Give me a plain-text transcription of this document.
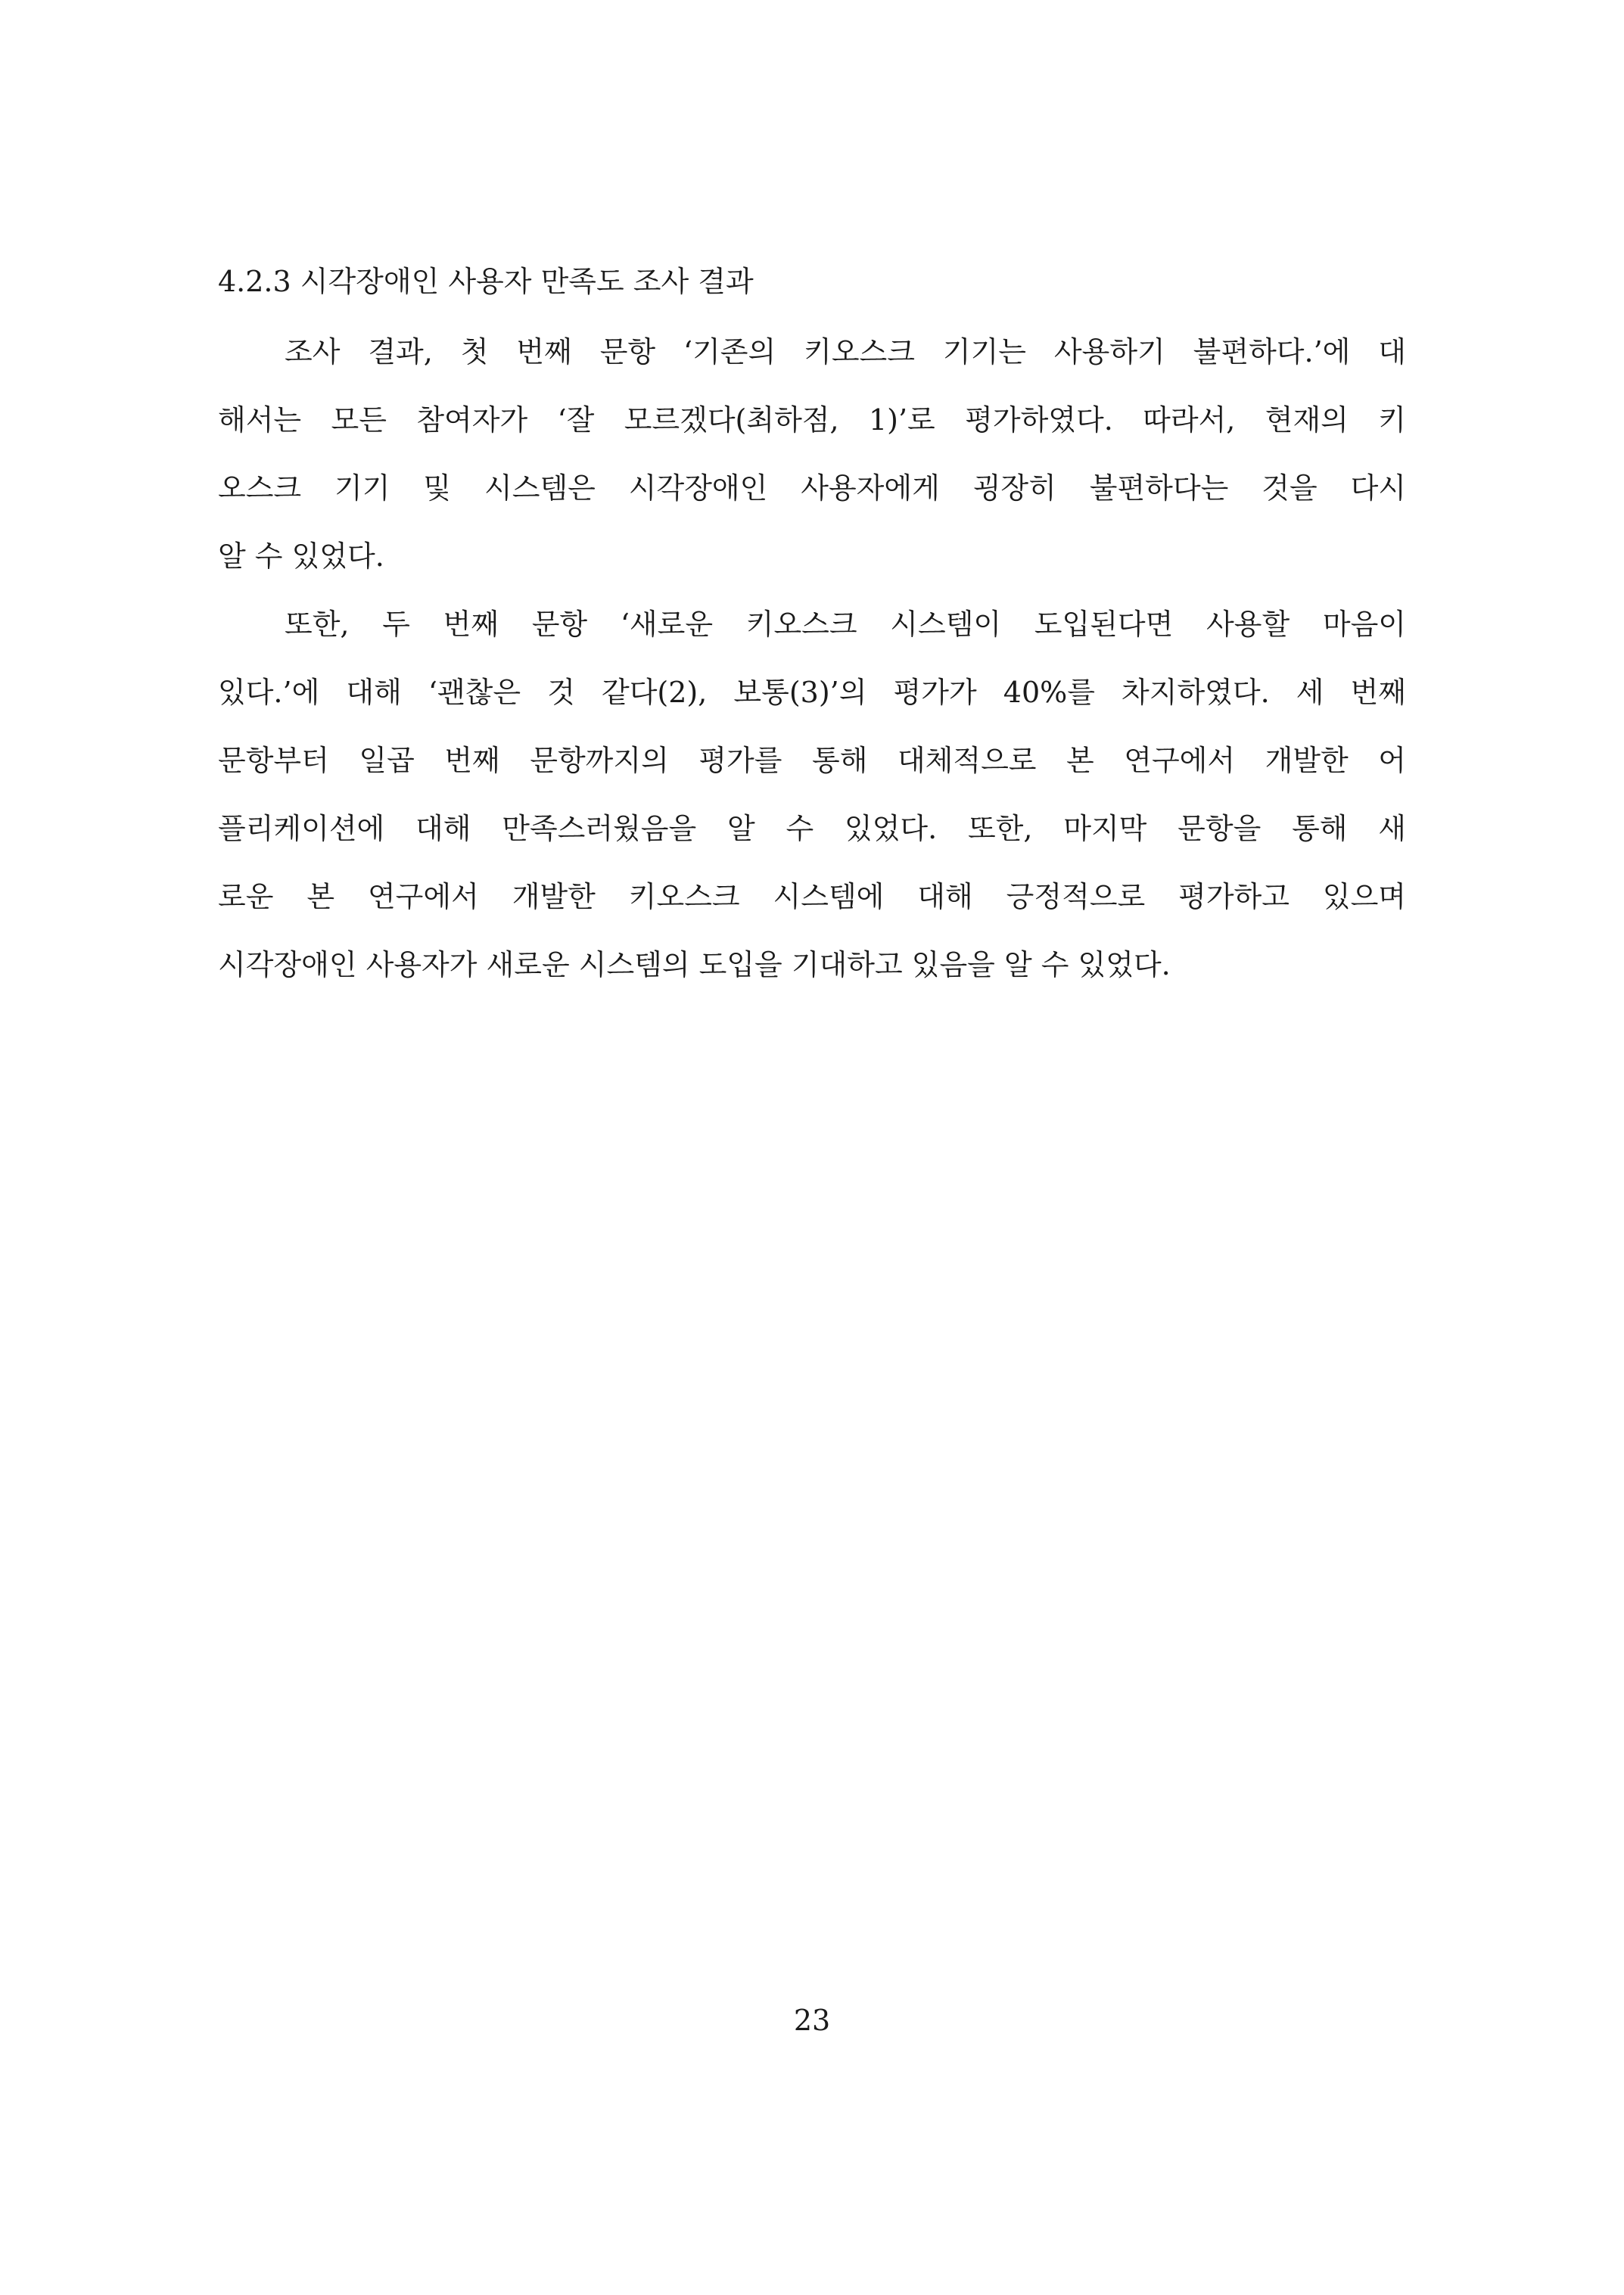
4.2.3 시각장애인 사용자 만족도 조사 결과

조사 결과, 첫 번째 문항 ‘기존의 키오스크 기기는 사용하기 불편하다.’에 대
해서는 모든 참여자가 ‘잘 모르겠다(최하점, 1)’로 평가하였다. 따라서, 현재의 키
오스크 기기 및 시스템은 시각장애인 사용자에게 굉장히 불편하다는 것을 다시
알 수 있었다.

또한, 두 번째 문항 ‘새로운 키오스크 시스템이 도입된다면 사용할 마음이
있다.’에 대해 ‘괜찮은 것 같다(2), 보통(3)’의 평가가 40%를 차지하였다. 세 번째
문항부터 일곱 번째 문항까지의 평가를 통해 대체적으로 본 연구에서 개발한 어
플리케이션에 대해 만족스러웠음을 알 수 있었다. 또한, 마지막 문항을 통해 새
로운 본 연구에서 개발한 키오스크 시스템에 대해 긍정적으로 평가하고 있으며
시각장애인 사용자가 새로운 시스템의 도입을 기대하고 있음을 알 수 있었다.

23
